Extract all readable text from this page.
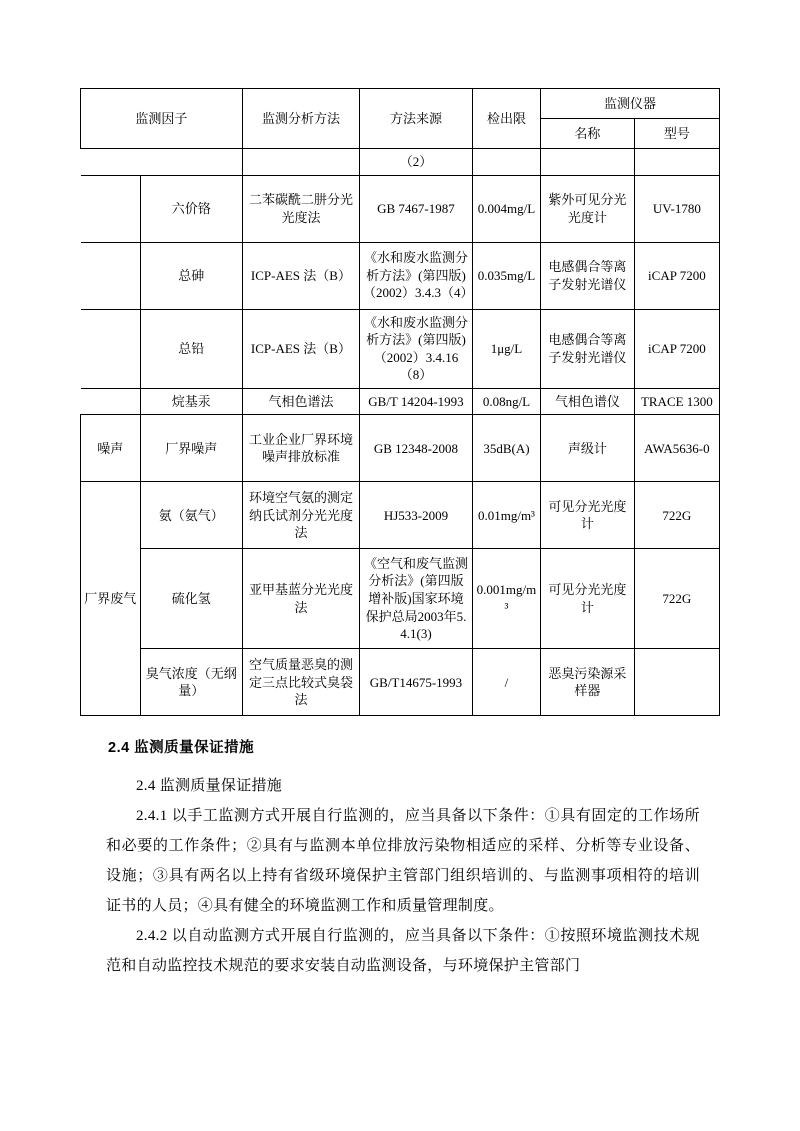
监测因子		监测分析方法	方法来源	检出限	监测仪器	
					名称	型号
			（2）			
	六价铬	二苯碳酰二肼分光光度法	GB 7467-1987	0.004mg/L	紫外可见分光光度计	UV-1780
	总砷	ICP-AES 法（B）	《水和废水监测分析方法》(第四版)（2002）3.4.3（4）	0.035mg/L	电感偶合等离子发射光谱仪	iCAP 7200
	总铅	ICP-AES 法（B）	《水和废水监测分析方法》(第四版)（2002）3.4.16（8）	1μg/L	电感偶合等离子发射光谱仪	iCAP 7200
	烷基汞	气相色谱法	GB/T 14204-1993	0.08ng/L	气相色谱仪	TRACE 1300
噪声	厂界噪声	工业企业厂界环境噪声排放标准	GB 12348-2008	35dB(A)	声级计	AWA5636-0
厂界废气	氨（氨气）	环境空气氨的测定纳氏试剂分光光度法	HJ533-2009	0.01mg/m³	可见分光光度计	722G
	硫化氢	亚甲基蓝分光光度法	《空气和废气监测分析法》(第四版增补版)国家环境保护总局2003年5.4.1(3)	0.001mg/m³	可见分光光度计	722G
	臭气浓度（无纲量）	空气质量恶臭的测定三点比较式臭袋法	GB/T14675-1993	/	恶臭污染源采样器	
2.4 监测质量保证措施

2.4 监测质量保证措施

2.4.1 以手工监测方式开展自行监测的，应当具备以下条件：①具有固定的工作场所和必要的工作条件；②具有与监测本单位排放污染物相适应的采样、分析等专业设备、设施；③具有两名以上持有省级环境保护主管部门组织培训的、与监测事项相符的培训证书的人员；④具有健全的环境监测工作和质量管理制度。

2.4.2 以自动监测方式开展自行监测的，应当具备以下条件：①按照环境监测技术规范和自动监控技术规范的要求安装自动监测设备，与环境保护主管部门
